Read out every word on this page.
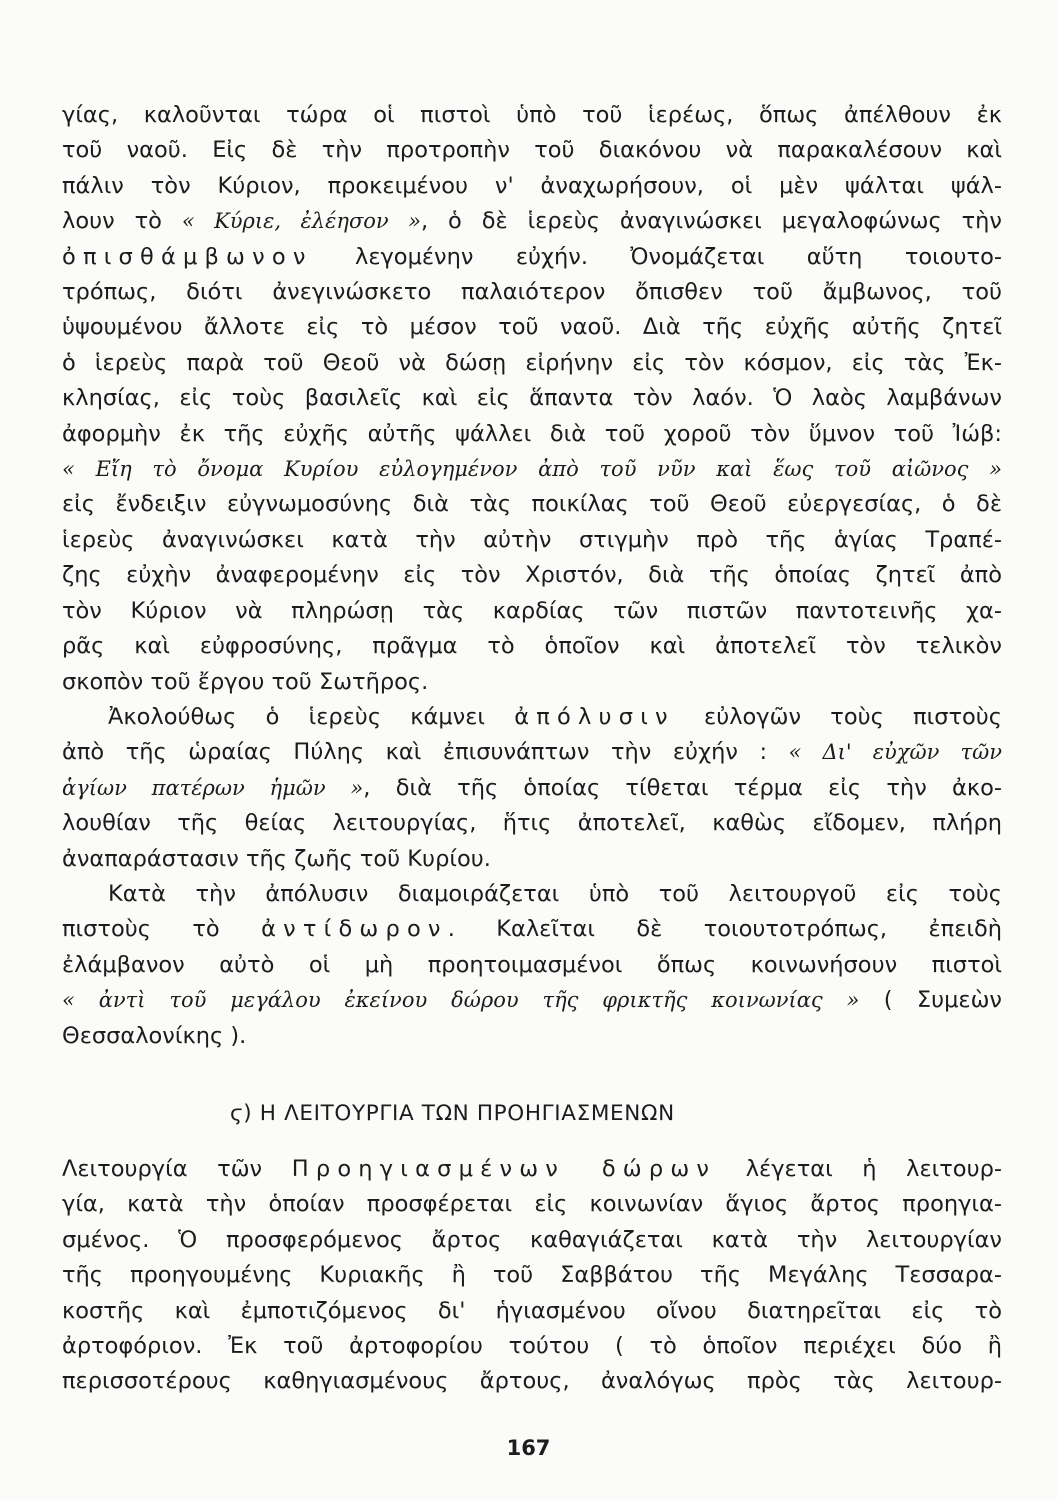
γίας, καλοῦνται τώρα οἱ πιστοὶ ὑπὸ τοῦ ἱερέως, ὅπως ἀπέλθουν ἐκ
τοῦ ναοῦ. Εἰς δὲ τὴν προτροπὴν τοῦ διακόνου νὰ παρακαλέσουν καὶ
πάλιν τὸν Κύριον, προκειμένου ν' ἀναχωρήσουν, οἱ μὲν ψάλται ψάλ-
λουν τὸ « Κύριε, ἐλέησον », ὁ δὲ ἱερεὺς ἀναγινώσκει μεγαλοφώνως τὴν
ὀπισθάμβωνον λεγομένην εὐχήν. Ὀνομάζεται αὕτη τοιουτο-
τρόπως, διότι ἀνεγινώσκετο παλαιότερον ὄπισθεν τοῦ ἄμβωνος, τοῦ
ὑψουμένου ἄλλοτε εἰς τὸ μέσον τοῦ ναοῦ. Διὰ τῆς εὐχῆς αὐτῆς ζητεῖ
ὁ ἱερεὺς παρὰ τοῦ Θεοῦ νὰ δώσῃ εἰρήνην εἰς τὸν κόσμον, εἰς τὰς Ἐκ-
κλησίας, εἰς τοὺς βασιλεῖς καὶ εἰς ἅπαντα τὸν λαόν. Ὁ λαὸς λαμβάνων
ἀφορμὴν ἐκ τῆς εὐχῆς αὐτῆς ψάλλει διὰ τοῦ χοροῦ τὸν ὕμνον τοῦ Ἰώβ:
« Εἴη τὸ ὄνομα Κυρίου εὐλογημένον ἀπὸ τοῦ νῦν καὶ ἕως τοῦ αἰῶνος »
εἰς ἔνδειξιν εὐγνωμοσύνης διὰ τὰς ποικίλας τοῦ Θεοῦ εὐεργεσίας, ὁ δὲ
ἱερεὺς ἀναγινώσκει κατὰ τὴν αὐτὴν στιγμὴν πρὸ τῆς ἁγίας Τραπέ-
ζης εὐχὴν ἀναφερομένην εἰς τὸν Χριστόν, διὰ τῆς ὁποίας ζητεῖ ἀπὸ
τὸν Κύριον νὰ πληρώσῃ τὰς καρδίας τῶν πιστῶν παντοτεινῆς χα-
ρᾶς καὶ εὐφροσύνης, πρᾶγμα τὸ ὁποῖον καὶ ἀποτελεῖ τὸν τελικὸν
σκοπὸν τοῦ ἔργου τοῦ Σωτῆρος.
Ἀκολούθως ὁ ἱερεὺς κάμνει ἀπόλυσιν εὐλογῶν τοὺς πιστοὺς
ἀπὸ τῆς ὡραίας Πύλης καὶ ἐπισυνάπτων τὴν εὐχήν : « Δι' εὐχῶν τῶν
ἁγίων πατέρων ἡμῶν », διὰ τῆς ὁποίας τίθεται τέρμα εἰς τὴν ἀκο-
λουθίαν τῆς θείας λειτουργίας, ἥτις ἀποτελεῖ, καθὼς εἴδομεν, πλήρη
ἀναπαράστασιν τῆς ζωῆς τοῦ Κυρίου.
Κατὰ τὴν ἀπόλυσιν διαμοιράζεται ὑπὸ τοῦ λειτουργοῦ εἰς τοὺς
πιστοὺς τὸ ἀντίδωρον. Καλεῖται δὲ τοιουτοτρόπως, ἐπειδὴ
ἐλάμβανον αὐτὸ οἱ μὴ προητοιμασμένοι ὅπως κοινωνήσουν πιστοὶ
« ἀντὶ τοῦ μεγάλου ἐκείνου δώρου τῆς φρικτῆς κοινωνίας » ( Συμεὼν
Θεσσαλονίκης ).
ϛ) Η ΛΕΙΤΟΥΡΓΙΑ ΤΩΝ ΠΡΟΗΓΙΑΣΜΕΝΩΝ
Λειτουργία τῶν Προηγιασμένων δώρων λέγεται ἡ λειτουρ-
γία, κατὰ τὴν ὁποίαν προσφέρεται εἰς κοινωνίαν ἅγιος ἄρτος προηγια-
σμένος. Ὁ προσφερόμενος ἄρτος καθαγιάζεται κατὰ τὴν λειτουργίαν
τῆς προηγουμένης Κυριακῆς ἢ τοῦ Σαββάτου τῆς Μεγάλης Τεσσαρα-
κοστῆς καὶ ἐμποτιζόμενος δι' ἡγιασμένου οἴνου διατηρεῖται εἰς τὸ
ἀρτοφόριον. Ἐκ τοῦ ἀρτοφορίου τούτου ( τὸ ὁποῖον περιέχει δύο ἢ
περισσοτέρους καθηγιασμένους ἄρτους, ἀναλόγως πρὸς τὰς λειτουρ-
167
